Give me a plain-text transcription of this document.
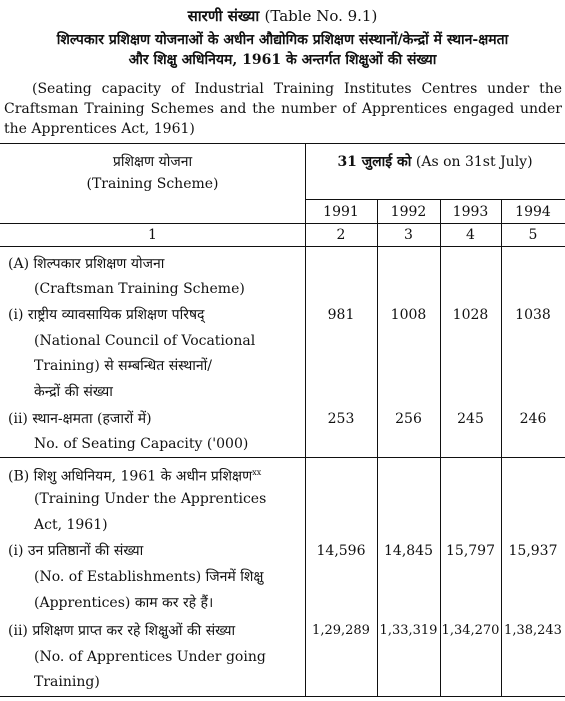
सारणी संख्या (Table No. 9.1)
शिल्पकार प्रशिक्षण योजनाओं के अधीन औद्योगिक प्रशिक्षण संस्थानों/केन्द्रों में स्थान-क्षमता
और शिक्षु अधिनियम, 1961 के अन्तर्गत शिक्षुओं की संख्या
(Seating capacity of Industrial Training Institutes Centres under the Craftsman Training Schemes and the number of Apprentices engaged under the Apprentices Act, 1961)
प्रशिक्षण योजना
(Training Scheme)
31 जुलाई को (As on 31st July)
1991	1992	1993	1994
1	2	3	4	5
(A) शिल्पकार प्रशिक्षण योजना
(Craftsman Training Scheme)
(i) राष्ट्रीय व्यावसायिक प्रशिक्षण परिषद्
(National Council of Vocational
Training) से सम्बन्धित संस्थानों/
केन्द्रों की संख्या
981	1008	1028	1038
(ii) स्थान-क्षमता (हजारों में)
No. of Seating Capacity ('000)
253	256	245	246
(B) शिशु अधिनियम, 1961 के अधीन प्रशिक्षण$^{xx}$
(Training Under the Apprentices
Act, 1961)
(i) उन प्रतिष्ठानों की संख्या
(No. of Establishments) जिनमें शिक्षु
(Apprentices) काम कर रहे हैं।
14,596	14,845 15,797 15,937
(ii) प्रशिक्षण प्राप्त कर रहे शिक्षुओं की संख्या
(No. of Apprentices Under going
Training)
1,29,289 1,33,319 1,34,270 1,38,243
